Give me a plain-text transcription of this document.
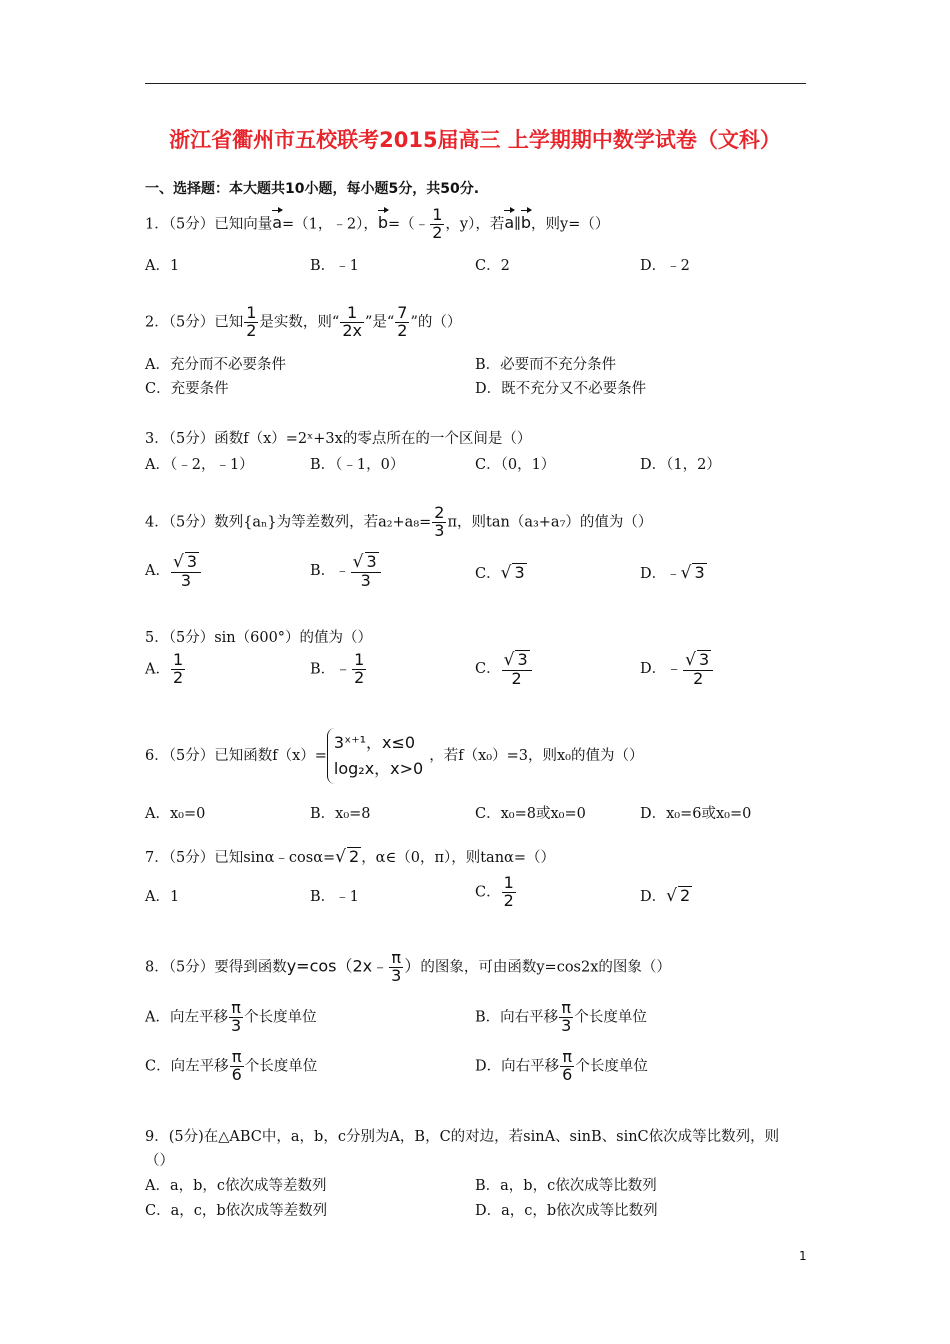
浙江省衢州市五校联考2015届高三 上学期期中数学试卷（文科）
一、选择题：本大题共10小题，每小题5分，共50分.
1．（5分）已知向量a=（1，﹣2），b=（﹣ $\frac{1}{2}$ ，y），若a∥b，则y=（）
A．1	B．﹣1	C．2	D．﹣2
2．（5分）已知 $\frac{1}{2}$ 是实数，则“ $\frac{1}{2x}$ ”是“ $\frac{7}{2}$ ”的（）
A．充分而不必要条件	B．必要而不充分条件
C．充要条件	D．既不充分又不必要条件
3．（5分）函数f（x）=2ˣ+3x的零点所在的一个区间是（）
A．（﹣2，﹣1）	B．（﹣1，0）	C．（0，1）	D．（1，2）
4．（5分）数列{aₙ}为等差数列，若$a_2+a_8= \frac{2}{3}$ π，则tan（a₃+a₇）的值为（）
A． $\frac{√ 3}{3}$	B．﹣ $\frac{√ 3}{3}$	C．√ 3	D．﹣√ 3
5．（5分）sin（600°）的值为（）
A． $\frac{1}{2}$	B．﹣ $\frac{1}{2}$	C． $\frac{√ 3}{2}$	D．﹣ $\frac{√ 3}{2}$
6．（5分）已知函数f（x）=
3ˣ⁺¹，x≤0
log₂x，x>0
，若f（x₀）=3，则x₀的值为（）
A．x₀=0	B．x₀=8	C．x₀=8或x₀=0	D．x₀=6或x₀=0
7．（5分）已知sinα﹣cosα=√ 2 ，α∈（0，π），则tanα=（）
A．1	B．﹣1	C． $\frac{1}{2}$	D．√ 2
8．（5分）要得到函数y=cos（2x﹣ $\frac{\pi}{3}$ ）的图象，可由函数y=cos2x的图象（）
A．向左平移 $\frac{\pi}{3}$ 个长度单位	B．向右平移 $\frac{\pi}{3}$ 个长度单位
C．向左平移 $\frac{\pi}{6}$ 个长度单位	D．向右平移 $\frac{\pi}{6}$ 个长度单位
9．(5分)在△ABC中，a，b，c分别为A，B，C的对边，若sinA、sinB、sinC依次成等比数列，则
（）
A．a，b，c依次成等差数列	B．a，b，c依次成等比数列
C．a，c，b依次成等差数列	D．a，c，b依次成等比数列
1
